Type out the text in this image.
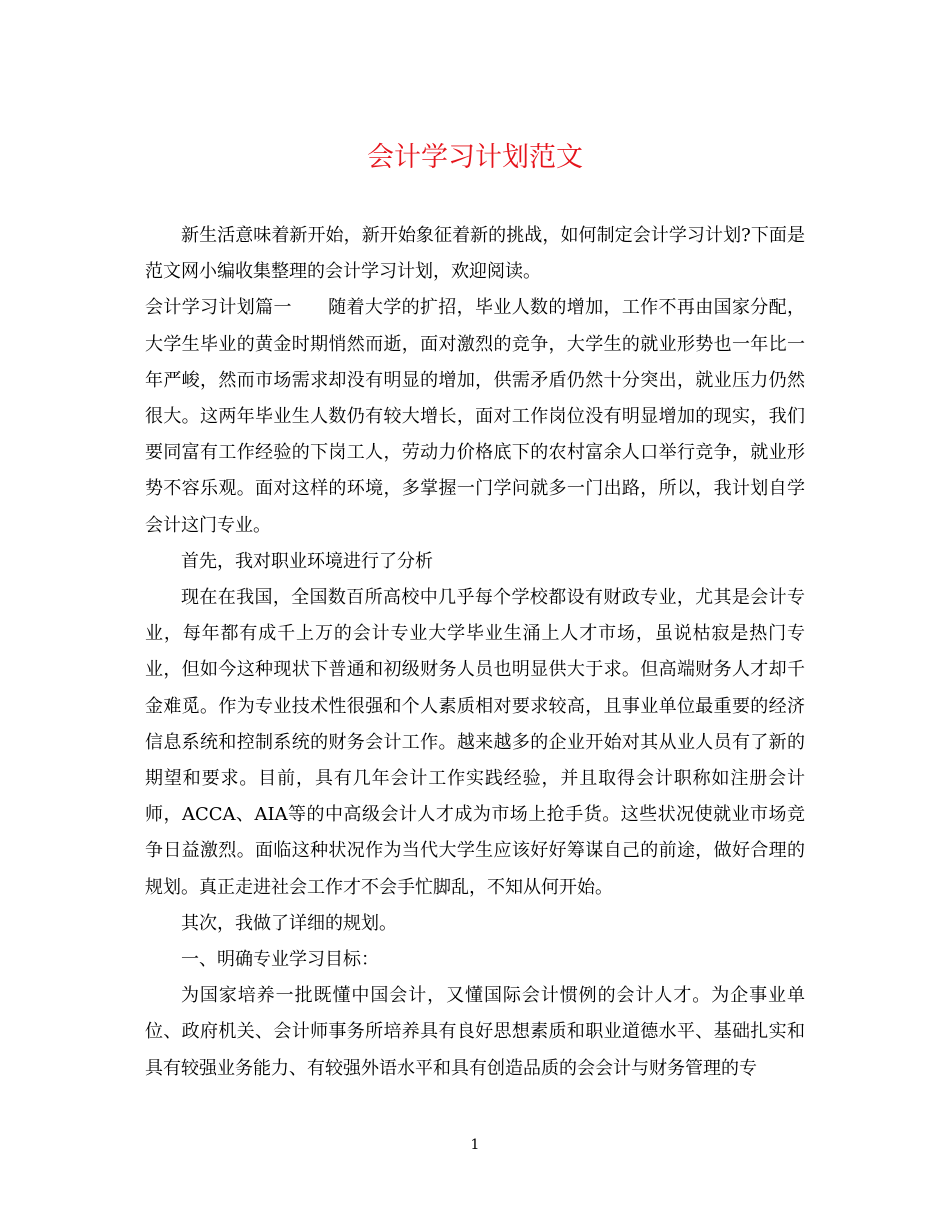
会计学习计划范文

新生活意味着新开始，新开始象征着新的挑战，如何制定会计学习计划?下面是范文网小编收集整理的会计学习计划，欢迎阅读。

会计学习计划篇一 随着大学的扩招，毕业人数的增加，工作不再由国家分配，大学生毕业的黄金时期悄然而逝，面对激烈的竞争，大学生的就业形势也一年比一年严峻，然而市场需求却没有明显的增加，供需矛盾仍然十分突出，就业压力仍然很大。这两年毕业生人数仍有较大增长，面对工作岗位没有明显增加的现实，我们要同富有工作经验的下岗工人，劳动力价格底下的农村富余人口举行竞争，就业形势不容乐观。面对这样的环境，多掌握一门学问就多一门出路，所以，我计划自学会计这门专业。

首先，我对职业环境进行了分析

现在在我国，全国数百所高校中几乎每个学校都设有财政专业，尤其是会计专业，每年都有成千上万的会计专业大学毕业生涌上人才市场，虽说枯寂是热门专业，但如今这种现状下普通和初级财务人员也明显供大于求。但高端财务人才却千金难觅。作为专业技术性很强和个人素质相对要求较高，且事业单位最重要的经济信息系统和控制系统的财务会计工作。越来越多的企业开始对其从业人员有了新的期望和要求。目前，具有几年会计工作实践经验，并且取得会计职称如注册会计师，ACCA、AIA等的中高级会计人才成为市场上抢手货。这些状况使就业市场竞争日益激烈。面临这种状况作为当代大学生应该好好筹谋自己的前途，做好合理的规划。真正走进社会工作才不会手忙脚乱，不知从何开始。

其次，我做了详细的规划。

一、明确专业学习目标：

为国家培养一批既懂中国会计，又懂国际会计惯例的会计人才。为企事业单位、政府机关、会计师事务所培养具有良好思想素质和职业道德水平、基础扎实和具有较强业务能力、有较强外语水平和具有创造品质的会会计与财务管理的专

1
